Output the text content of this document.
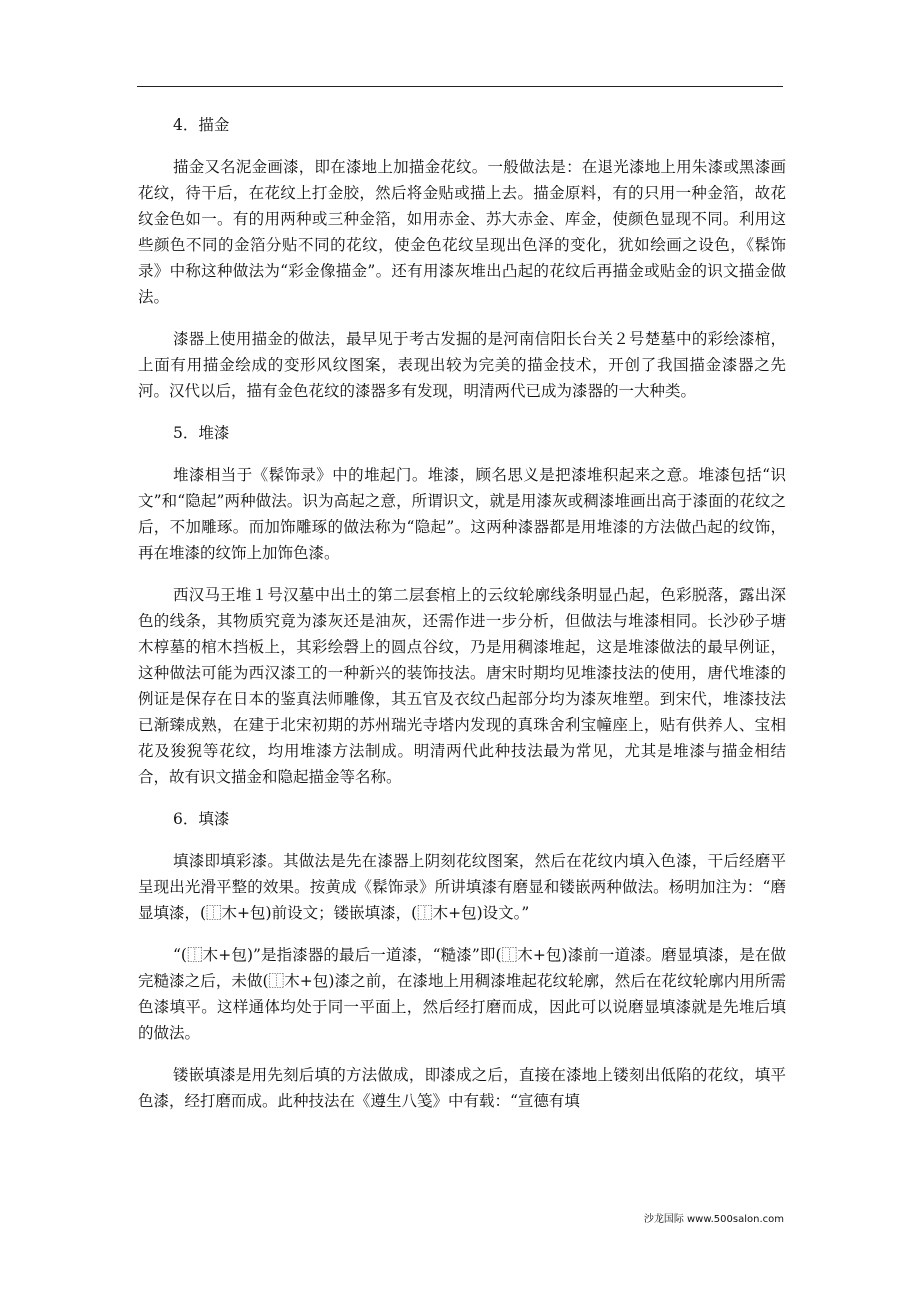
4．描金

描金又名泥金画漆，即在漆地上加描金花纹。一般做法是：在退光漆地上用朱漆或黑漆画花纹，待干后，在花纹上打金胶，然后将金贴或描上去。描金原料，有的只用一种金箔，故花纹金色如一。有的用两种或三种金箔，如用赤金、苏大赤金、库金，使颜色显现不同。利用这些颜色不同的金箔分贴不同的花纹，使金色花纹呈现出色泽的变化，犹如绘画之设色，《髹饰录》中称这种做法为“彩金像描金”。还有用漆灰堆出凸起的花纹后再描金或贴金的识文描金做法。

漆器上使用描金的做法，最早见于考古发掘的是河南信阳长台关２号楚墓中的彩绘漆棺，上面有用描金绘成的变形风纹图案，表现出较为完美的描金技术，开创了我国描金漆器之先河。汉代以后，描有金色花纹的漆器多有发现，明清两代已成为漆器的一大种类。

5．堆漆

堆漆相当于《髹饰录》中的堆起门。堆漆，顾名思义是把漆堆积起来之意。堆漆包括“识文”和“隐起”两种做法。识为高起之意，所谓识文，就是用漆灰或稠漆堆画出高于漆面的花纹之后，不加雕琢。而加饰雕琢的做法称为“隐起”。这两种漆器都是用堆漆的方法做凸起的纹饰，再在堆漆的纹饰上加饰色漆。

西汉马王堆１号汉墓中出土的第二层套棺上的云纹轮廓线条明显凸起，色彩脱落，露出深色的线条，其物质究竟为漆灰还是油灰，还需作进一步分析，但做法与堆漆相同。长沙砂子塘木椁墓的棺木挡板上，其彩绘磬上的圆点谷纹，乃是用稠漆堆起，这是堆漆做法的最早例证，这种做法可能为西汉漆工的一种新兴的装饰技法。唐宋时期均见堆漆技法的使用，唐代堆漆的例证是保存在日本的鉴真法师雕像，其五官及衣纹凸起部分均为漆灰堆塑。到宋代，堆漆技法已渐臻成熟，在建于北宋初期的苏州瑞光寺塔内发现的真珠舍利宝幢座上，贴有供养人、宝相花及狻猊等花纹，均用堆漆方法制成。明清两代此种技法最为常见，尤其是堆漆与描金相结合，故有识文描金和隐起描金等名称。

6．填漆

填漆即填彩漆。其做法是先在漆器上阴刻花纹图案，然后在花纹内填入色漆，干后经磨平呈现出光滑平整的效果。按黄成《髹饰录》所讲填漆有磨显和镂嵌两种做法。杨明加注为：“磨显填漆，(⿰木+包)前设文；镂嵌填漆，(⿰木+包)设文。”

“(⿰木+包)”是指漆器的最后一道漆，“糙漆”即(⿰木+包)漆前一道漆。磨显填漆，是在做完糙漆之后，未做(⿰木+包)漆之前，在漆地上用稠漆堆起花纹轮廓，然后在花纹轮廓内用所需色漆填平。这样通体均处于同一平面上，然后经打磨而成，因此可以说磨显填漆就是先堆后填的做法。

镂嵌填漆是用先刻后填的方法做成，即漆成之后，直接在漆地上镂刻出低陷的花纹，填平色漆，经打磨而成。此种技法在《遵生八笺》中有载：“宣德有填

沙龙国际 www.500salon.com
